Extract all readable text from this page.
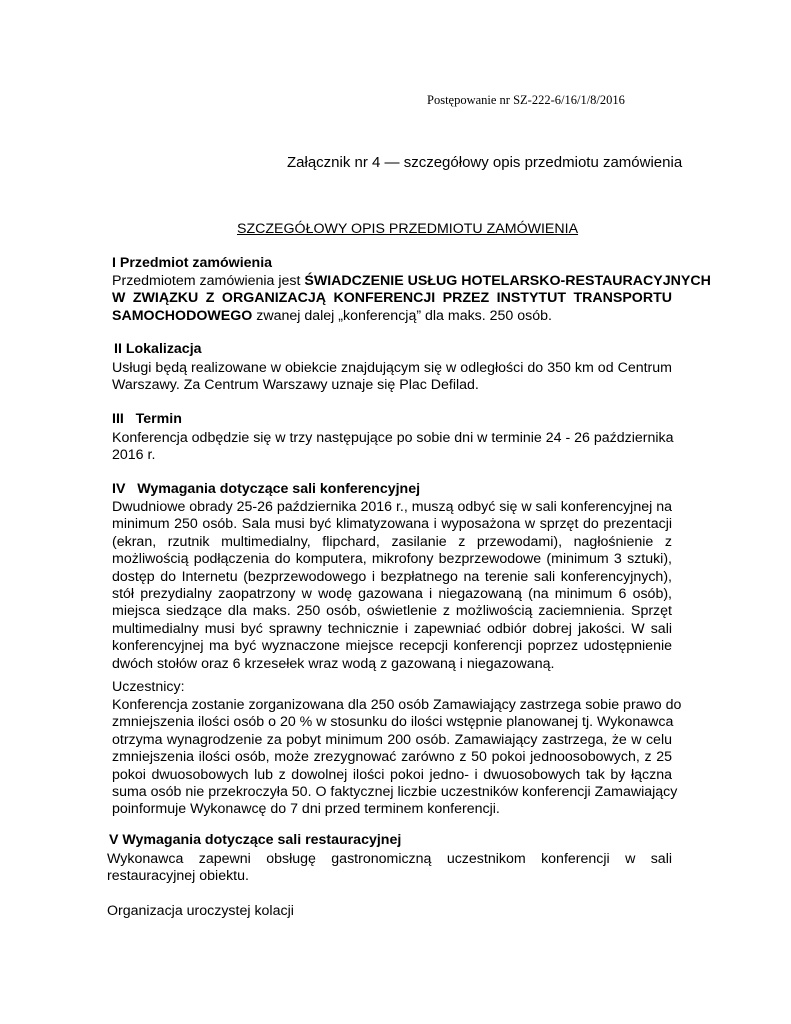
Postępowanie nr SZ-222-6/16/1/8/2016
Załącznik nr 4 — szczegółowy opis przedmiotu zamówienia
SZCZEGÓŁOWY OPIS PRZEDMIOTU ZAMÓWIENIA
I Przedmiot zamówienia
Przedmiotem zamówienia jest ŚWIADCZENIE USŁUG HOTELARSKO-RESTAURACYJNYCH
W ZWIĄZKU Z ORGANIZACJĄ KONFERENCJI PRZEZ INSTYTUT TRANSPORTU
SAMOCHODOWEGO zwanej dalej „konferencją” dla maks. 250 osób.
II Lokalizacja
Usługi będą realizowane w obiekcie znajdującym się w odległości do 350 km od Centrum
Warszawy. Za Centrum Warszawy uznaje się Plac Defilad.
III   Termin
Konferencja odbędzie się w trzy następujące po sobie dni w terminie 24 - 26 października
2016 r.
IV   Wymagania dotyczące sali konferencyjnej
Dwudniowe obrady 25-26 października 2016 r., muszą odbyć się w sali konferencyjnej na
minimum 250 osób. Sala musi być klimatyzowana i wyposażona w sprzęt do prezentacji
(ekran, rzutnik multimedialny, flipchard, zasilanie z przewodami), nagłośnienie z
możliwością podłączenia do komputera, mikrofony bezprzewodowe (minimum 3 sztuki),
dostęp do Internetu (bezprzewodowego i bezpłatnego na terenie sali konferencyjnych),
stół prezydialny zaopatrzony w wodę gazowana i niegazowaną (na minimum 6 osób),
miejsca siedzące dla maks. 250 osób, oświetlenie z możliwością zaciemnienia. Sprzęt
multimedialny musi być sprawny technicznie i zapewniać odbiór dobrej jakości. W sali
konferencyjnej ma być wyznaczone miejsce recepcji konferencji poprzez udostępnienie
dwóch stołów oraz 6 krzesełek wraz wodą z gazowaną i niegazowaną.
Uczestnicy:
Konferencja zostanie zorganizowana dla 250 osób Zamawiający zastrzega sobie prawo do
zmniejszenia ilości osób o 20 % w stosunku do ilości wstępnie planowanej tj. Wykonawca
otrzyma wynagrodzenie za pobyt minimum 200 osób. Zamawiający zastrzega, że w celu
zmniejszenia ilości osób, może zrezygnować zarówno z 50 pokoi jednoosobowych, z 25
pokoi dwuosobowych lub z dowolnej ilości pokoi jedno- i dwuosobowych tak by łączna
suma osób nie przekroczyła 50. O faktycznej liczbie uczestników konferencji Zamawiający
poinformuje Wykonawcę do 7 dni przed terminem konferencji.
V Wymagania dotyczące sali restauracyjnej
Wykonawca zapewni obsługę gastronomiczną uczestnikom konferencji w sali
restauracyjnej obiektu.
Organizacja uroczystej kolacji
